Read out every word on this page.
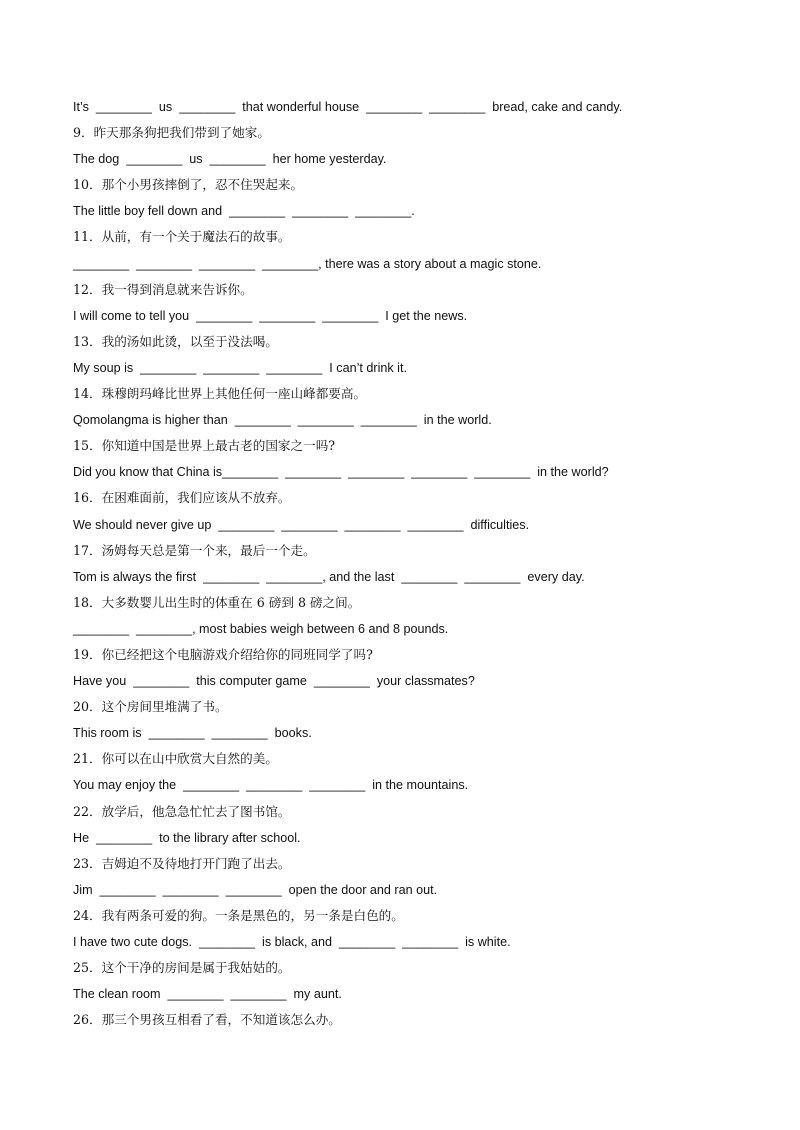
It’s  ________  us  ________  that wonderful house  ________  ________  bread, cake and candy.
9．昨天那条狗把我们带到了她家。
The dog  ________  us  ________  her home yesterday.
10．那个小男孩摔倒了，忍不住哭起来。
The little boy fell down and  ________  ________  ________.
11．从前，有一个关于魔法石的故事。
________  ________  ________  ________, there was a story about a magic stone.
12．我一得到消息就来告诉你。
I will come to tell you  ________  ________  ________  I get the news.
13．我的汤如此烫，以至于没法喝。
My soup is  ________  ________  ________  I can’t drink it.
14．珠穆朗玛峰比世界上其他任何一座山峰都要高。
Qomolangma is higher than  ________  ________  ________  in the world.
15．你知道中国是世界上最古老的国家之一吗?
Did you know that China is________  ________  ________  ________  ________  in the world?
16．在困难面前，我们应该从不放弃。
We should never give up  ________  ________  ________  ________  difficulties.
17．汤姆每天总是第一个来，最后一个走。
Tom is always the first  ________  ________, and the last  ________  ________  every day.
18．大多数婴儿出生时的体重在 6 磅到 8 磅之间。
________  ________, most babies weigh between 6 and 8 pounds.
19．你已经把这个电脑游戏介绍给你的同班同学了吗?
Have you  ________  this computer game  ________  your classmates?
20．这个房间里堆满了书。
This room is  ________  ________  books.
21．你可以在山中欣赏大自然的美。
You may enjoy the  ________  ________  ________  in the mountains.
22．放学后，他急急忙忙去了图书馆。
He  ________  to the library after school.
23．吉姆迫不及待地打开门跑了出去。
Jim  ________  ________  ________  open the door and ran out.
24．我有两条可爱的狗。一条是黑色的，另一条是白色的。
I have two cute dogs.  ________  is black, and  ________  ________  is white.
25．这个干净的房间是属于我姑姑的。
The clean room  ________  ________  my aunt.
26．那三个男孩互相看了看，不知道该怎么办。
